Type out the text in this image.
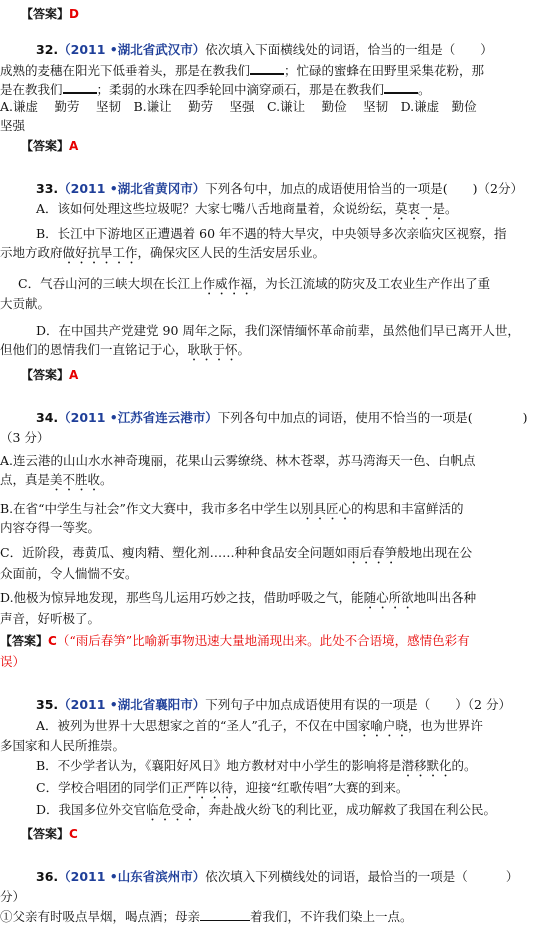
【答案】D
32.（2011 •湖北省武汉市）依次填入下面横线处的词语，恰当的一组是（　　）
成熟的麦穗在阳光下低垂着头，那是在教我们	；忙碌的蜜蜂在田野里采集花粉，那
是在教我们	；柔弱的水珠在四季轮回中滴穿顽石，那是在教我们	。
A.谦虚　 勤劳　 坚韧　B.谦让　 勤劳　 坚强　C.谦让　 勤俭　 坚韧　D.谦虚　勤俭
坚强
【答案】A
33.（2011 •湖北省黄冈市）下列各句中，加点的成语使用恰当的一项是(　　)（2分）
A．该如何处理这些垃圾呢？大家七嘴八舌地商量着，众说纷纭，莫衷一是。
B．长江中下游地区正遭遇着 60 年不遇的特大旱灾，中央领导多次亲临灾区视察，指
示地方政府做好抗旱工作，确保灾区人民的生活安居乐业。
C．气吞山河的三峡大坝在长江上作威作福，为长江流域的防灾及工农业生产作出了重
大贡献。
D．在中国共产党建党 90 周年之际，我们深情缅怀革命前辈，虽然他们早已离开人世，
但他们的恩情我们一直铭记于心，耿耿于怀。
【答案】A
34.（2011 •江苏省连云港市）下列各句中加点的词语，使用不恰当的一项是(　　　　)
（3 分）
A.连云港的山山水水神奇瑰丽，花果山云雾缭绕、林木苍翠，苏马湾海天一色、白帆点
点，真是美不胜收。
B.在省“中学生与社会”作文大赛中，我市多名中学生以别具匠心的构思和丰富鲜活的
内容夺得一等奖。
C．近阶段，毒黄瓜、瘦肉精、塑化剂……种种食品安全问题如雨后春笋般地出现在公
众面前，令人惴惴不安。
D.他极为惊异地发现，那些鸟儿运用巧妙之技，借助呼吸之气，能随心所欲地叫出各种
声音，好听极了。
【答案】C（“雨后春笋”比喻新事物迅速大量地涌现出来。此处不合语境，感情色彩有
误）
35.（2011 •湖北省襄阳市）下列句子中加点成语使用有误的一项是（　　）（2 分）
A．被列为世界十大思想家之首的“圣人”孔子，不仅在中国家喻户晓，也为世界许
多国家和人民所推崇。
B．不少学者认为，《襄阳好风日》地方教材对中小学生的影响将是潜移默化的。
C．学校合唱团的同学们正严阵以待，迎接“红歌传唱”大赛的到来。
D．我国多位外交官临危受命，奔赴战火纷飞的利比亚，成功解救了我国在利公民。
【答案】C
36.（2011 •山东省滨州市）依次填入下列横线处的词语，最恰当的一项是（	）
分）
①父亲有时吸点旱烟，喝点酒；母亲	着我们，不许我们染上一点。
